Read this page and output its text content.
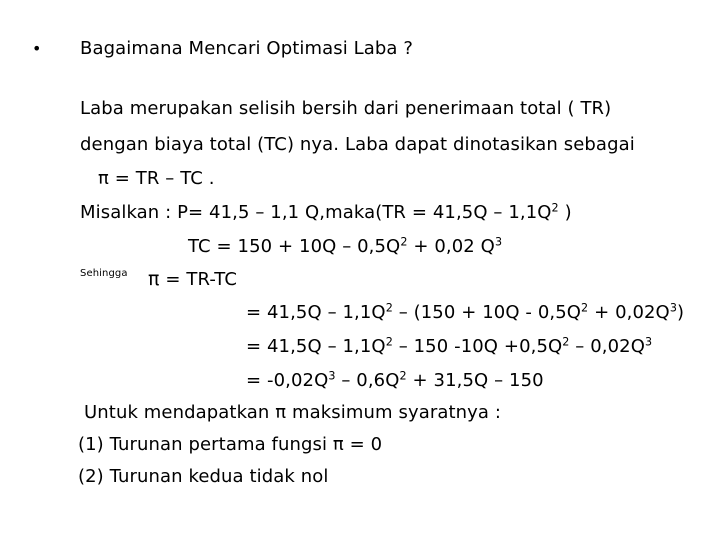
• Bagaimana Mencari Optimasi Laba ?
Laba merupakan selisih bersih dari penerimaan total ( TR)
dengan biaya total (TC) nya. Laba dapat dinotasikan sebagai
π = TR – TC .
Misalkan : P= 41,5 – 1,1 Q,maka(TR = $41,5Q - 1,1Q^2$ )
TC = $150 + 10Q - 0,5Q^2 + 0,02$ $Q^3$
Sehingga π = TR-TC
= $41,5Q - 1,1Q^2 - (150 + 10Q - 0,5Q^2 + 0,02Q^3)$
= $41,5Q - 1,1Q^2 - 150$ $-10Q +0,5Q^2 - 0,02Q^3$
= $-0,02Q^3 - 0,6Q^2 + 31,5Q - 150$
Untuk mendapatkan π maksimum syaratnya :
(1) Turunan pertama fungsi π = 0
(2) Turunan kedua tidak nol
